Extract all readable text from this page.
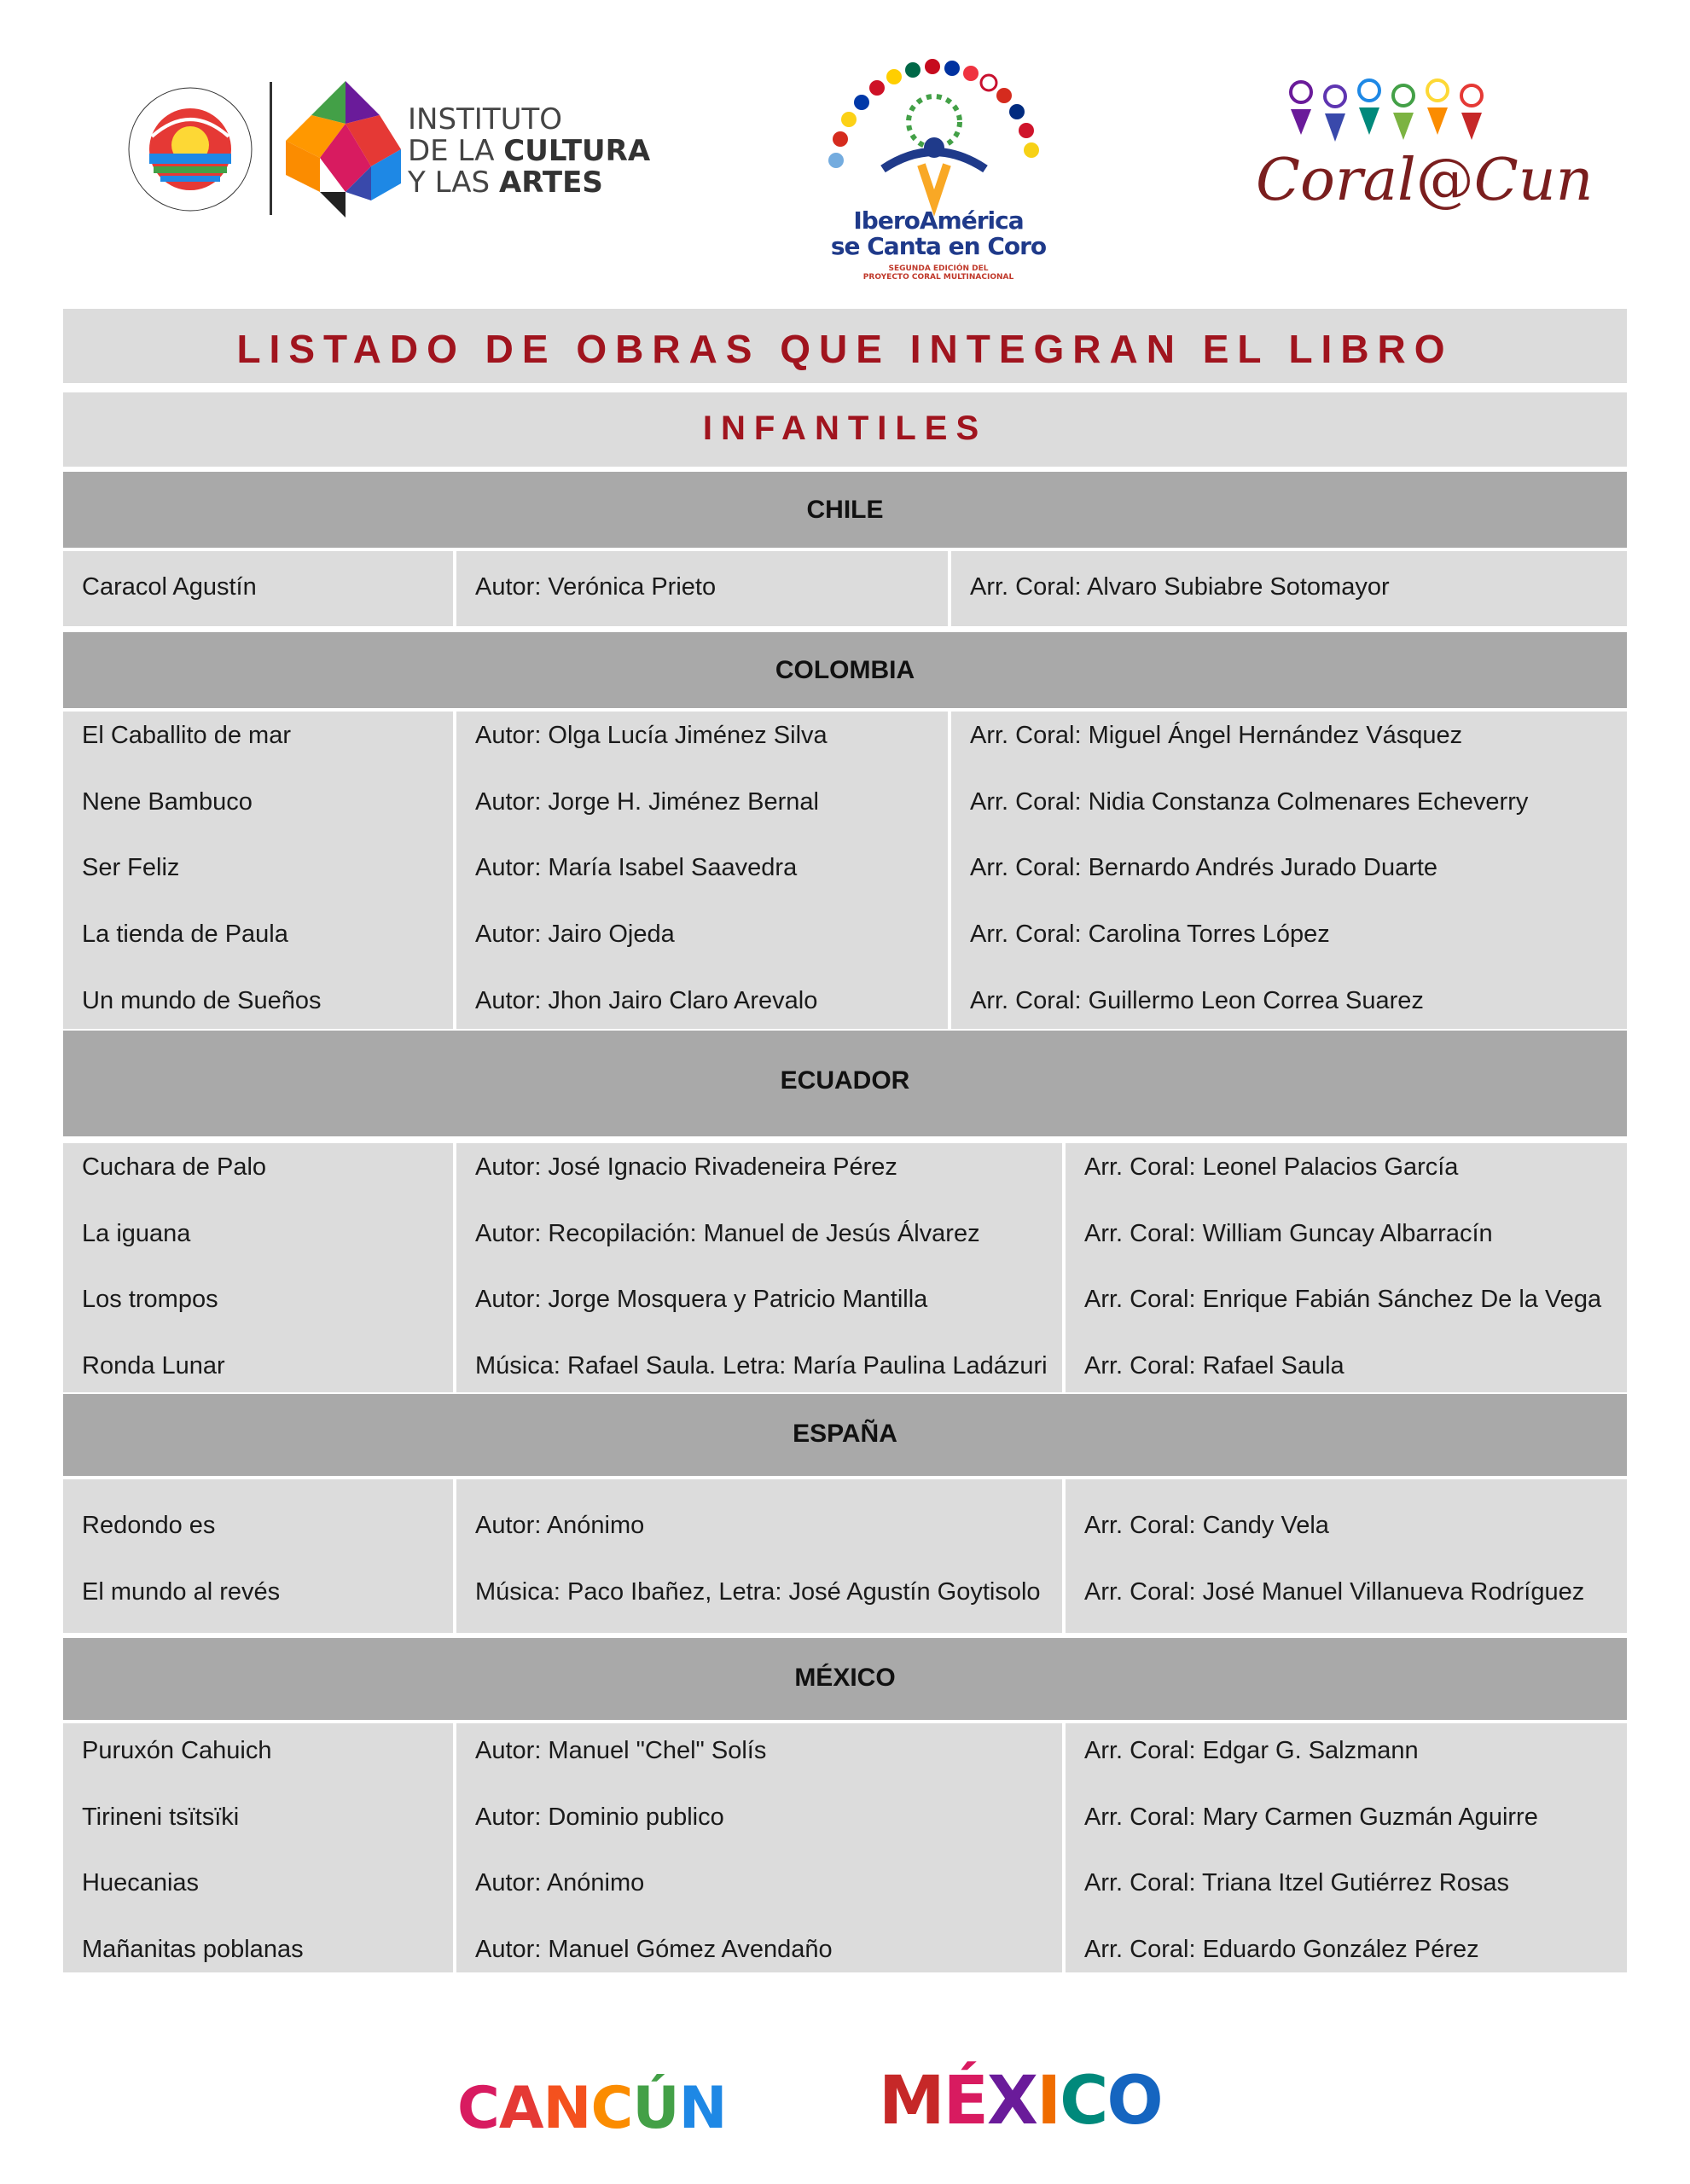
INSTITUTO
DE LA CULTURA
Y LAS ARTES
IberoAmérica
se Canta en Coro
SEGUNDA EDICIÓN DEL
PROYECTO CORAL MULTINACIONAL
Coral@Cun
LISTADO DE OBRAS QUE INTEGRAN EL LIBRO
INFANTILES
CHILE
Caracol Agustín	Autor: Verónica Prieto	Arr. Coral: Alvaro Subiabre Sotomayor
COLOMBIA
El Caballito de mar	Autor: Olga Lucía Jiménez Silva	Arr. Coral: Miguel Ángel Hernández Vásquez
Nene Bambuco	Autor: Jorge H. Jiménez Bernal	Arr. Coral: Nidia Constanza Colmenares Echeverry
Ser Feliz	Autor: María Isabel Saavedra	Arr. Coral: Bernardo Andrés Jurado Duarte
La tienda de Paula	Autor: Jairo Ojeda	Arr. Coral: Carolina Torres López
Un mundo de Sueños	Autor: Jhon Jairo Claro Arevalo	Arr. Coral: Guillermo Leon Correa Suarez
ECUADOR
Cuchara de Palo	Autor: José Ignacio Rivadeneira Pérez	Arr. Coral: Leonel Palacios García
La iguana	Autor: Recopilación: Manuel de Jesús Álvarez	Arr. Coral: William Guncay Albarracín
Los trompos	Autor: Jorge Mosquera y Patricio Mantilla	Arr. Coral: Enrique Fabián Sánchez De la Vega
Ronda Lunar	Música: Rafael Saula. Letra: María Paulina Ladázuri Arr. Coral: Rafael Saula
ESPAÑA
Redondo es	Autor: Anónimo	Arr. Coral: Candy Vela
El mundo al revés	Música: Paco Ibañez, Letra: José Agustín Goytisolo Arr. Coral: José Manuel Villanueva Rodríguez
MÉXICO
Puruxón Cahuich	Autor: Manuel "Chel" Solís	Arr. Coral: Edgar G. Salzmann
Tirineni tsïtsïki	Autor: Dominio publico	Arr. Coral: Mary Carmen Guzmán Aguirre
Huecanias	Autor: Anónimo	Arr. Coral: Triana Itzel Gutiérrez Rosas
Mañanitas poblanas	Autor: Manuel Gómez Avendaño	Arr. Coral: Eduardo González Pérez
CANCÚN MÉXICO
